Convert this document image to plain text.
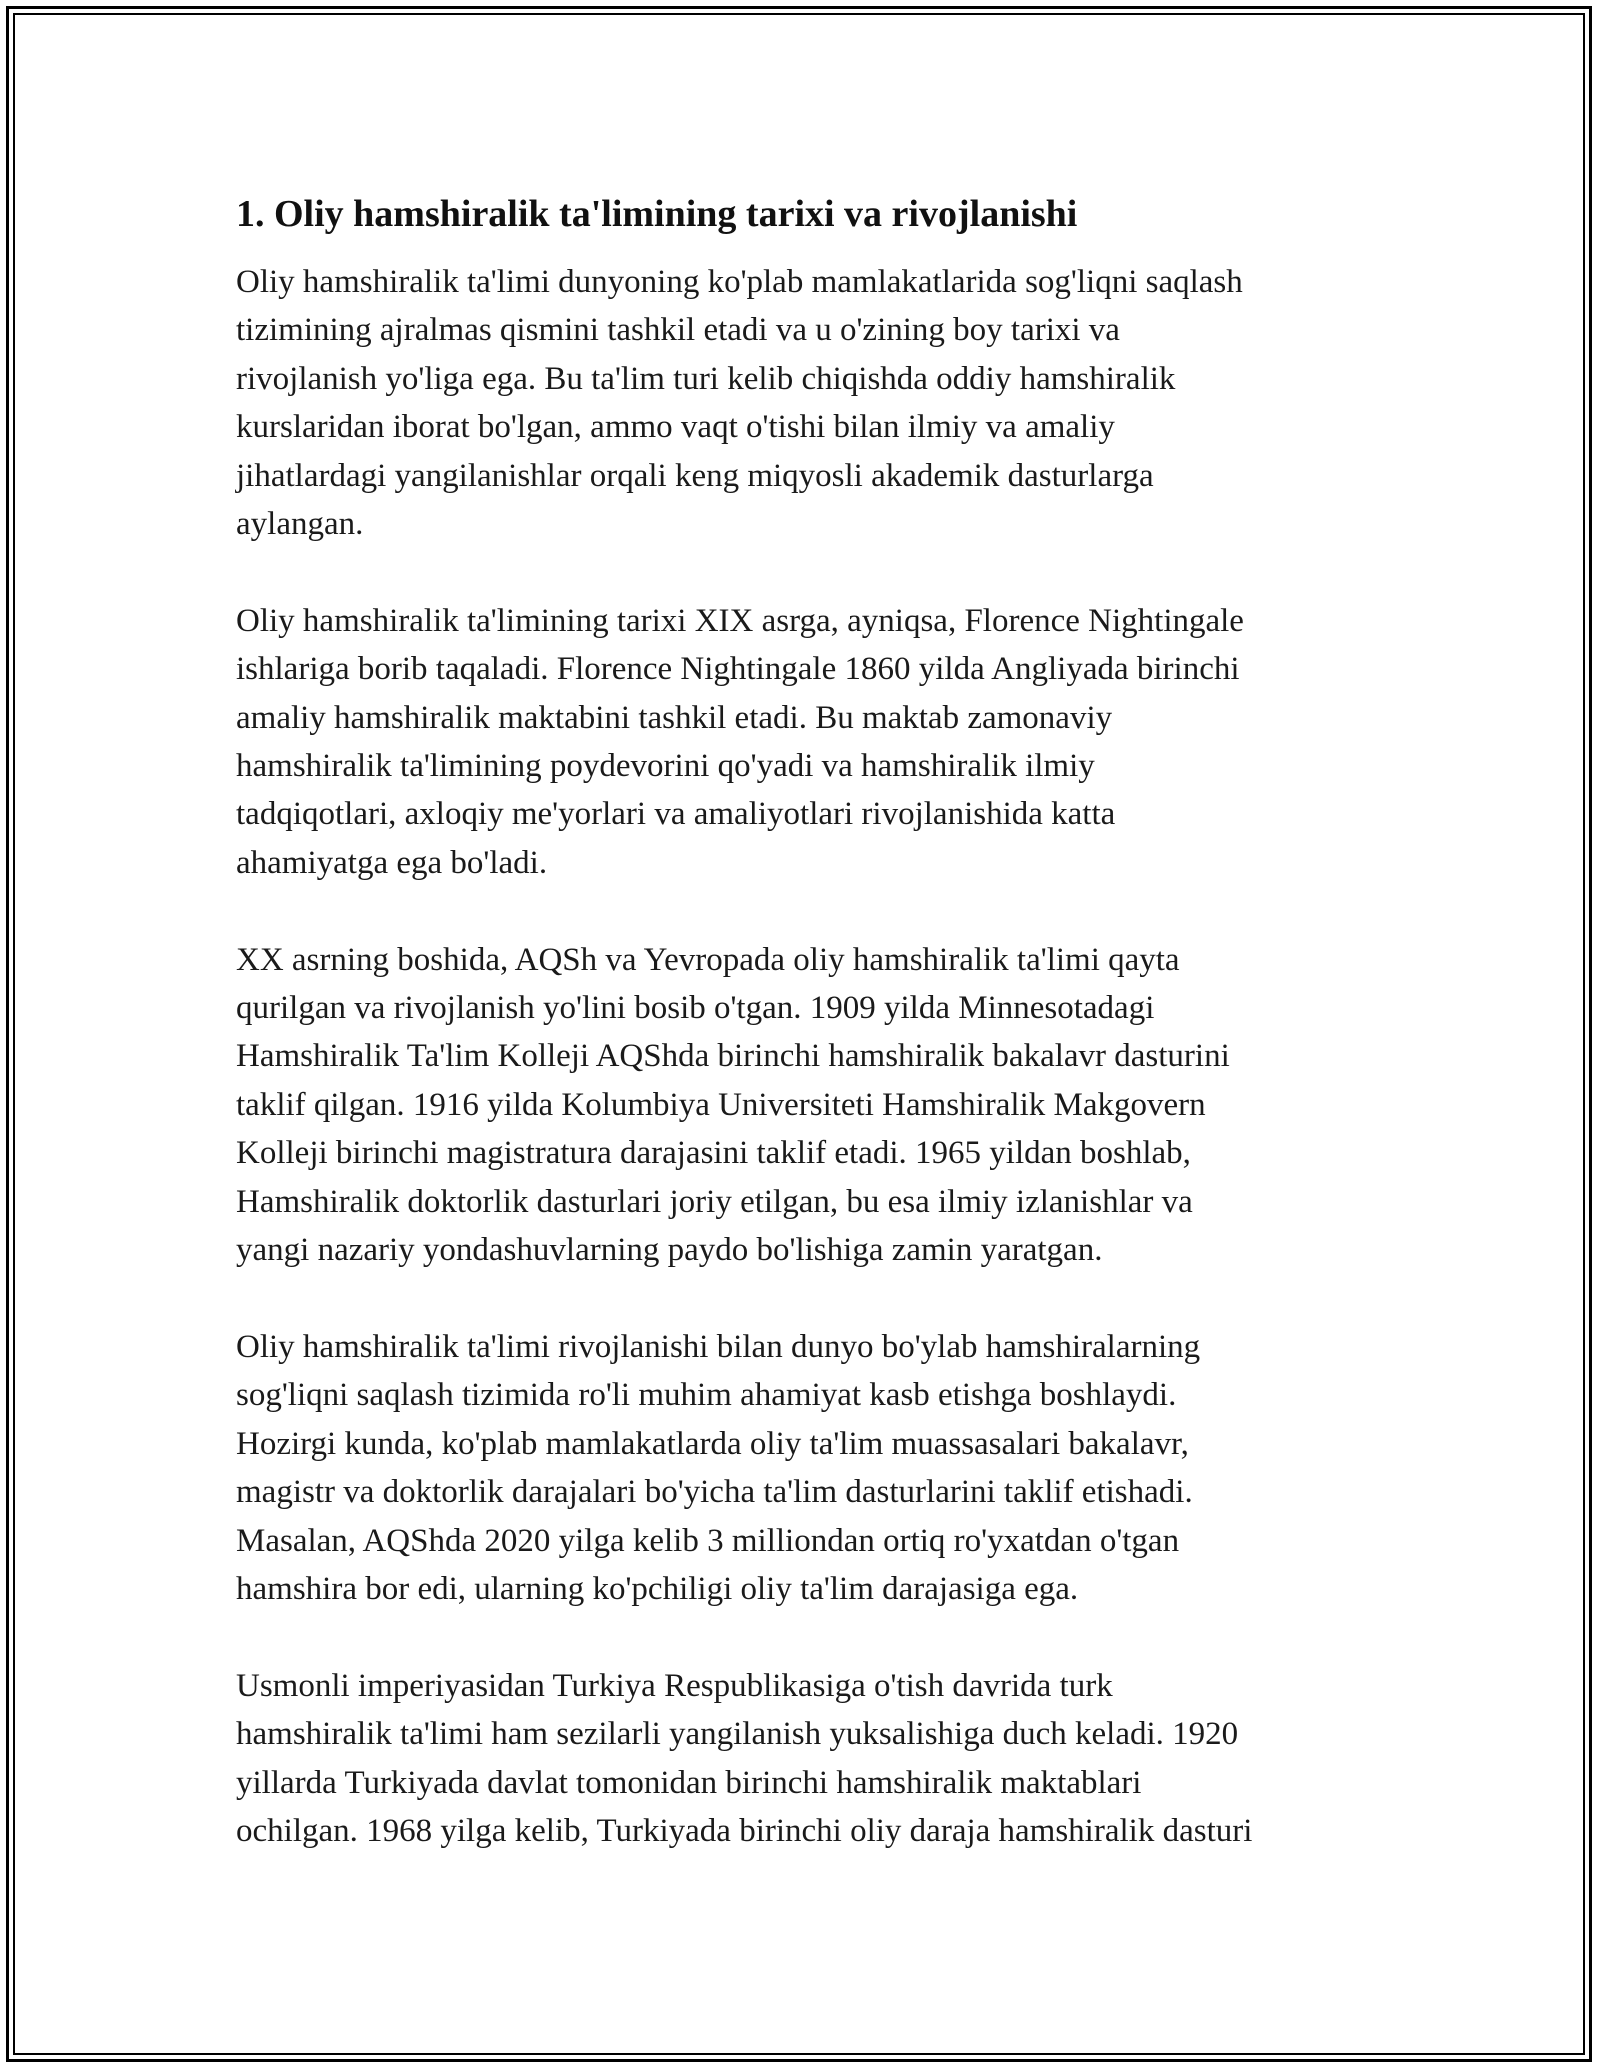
1. Oliy hamshiralik ta'limining tarixi va rivojlanishi

Oliy hamshiralik ta'limi dunyoning ko'plab mamlakatlarida sog'liqni saqlash
tizimining ajralmas qismini tashkil etadi va u o'zining boy tarixi va
rivojlanish yo'liga ega. Bu ta'lim turi kelib chiqishda oddiy hamshiralik
kurslaridan iborat bo'lgan, ammo vaqt o'tishi bilan ilmiy va amaliy
jihatlardagi yangilanishlar orqali keng miqyosli akademik dasturlarga
aylangan.

Oliy hamshiralik ta'limining tarixi XIX asrga, ayniqsa, Florence Nightingale
ishlariga borib taqaladi. Florence Nightingale 1860 yilda Angliyada birinchi
amaliy hamshiralik maktabini tashkil etadi. Bu maktab zamonaviy
hamshiralik ta'limining poydevorini qo'yadi va hamshiralik ilmiy
tadqiqotlari, axloqiy me'yorlari va amaliyotlari rivojlanishida katta
ahamiyatga ega bo'ladi.

XX asrning boshida, AQSh va Yevropada oliy hamshiralik ta'limi qayta
qurilgan va rivojlanish yo'lini bosib o'tgan. 1909 yilda Minnesotadagi
Hamshiralik Ta'lim Kolleji AQShda birinchi hamshiralik bakalavr dasturini
taklif qilgan. 1916 yilda Kolumbiya Universiteti Hamshiralik Makgovern
Kolleji birinchi magistratura darajasini taklif etadi. 1965 yildan boshlab,
Hamshiralik doktorlik dasturlari joriy etilgan, bu esa ilmiy izlanishlar va
yangi nazariy yondashuvlarning paydo bo'lishiga zamin yaratgan.

Oliy hamshiralik ta'limi rivojlanishi bilan dunyo bo'ylab hamshiralarning
sog'liqni saqlash tizimida ro'li muhim ahamiyat kasb etishga boshlaydi.
Hozirgi kunda, ko'plab mamlakatlarda oliy ta'lim muassasalari bakalavr,
magistr va doktorlik darajalari bo'yicha ta'lim dasturlarini taklif etishadi.
Masalan, AQShda 2020 yilga kelib 3 milliondan ortiq ro'yxatdan o'tgan
hamshira bor edi, ularning ko'pchiligi oliy ta'lim darajasiga ega.

Usmonli imperiyasidan Turkiya Respublikasiga o'tish davrida turk
hamshiralik ta'limi ham sezilarli yangilanish yuksalishiga duch keladi. 1920
yillarda Turkiyada davlat tomonidan birinchi hamshiralik maktablari
ochilgan. 1968 yilga kelib, Turkiyada birinchi oliy daraja hamshiralik dasturi
